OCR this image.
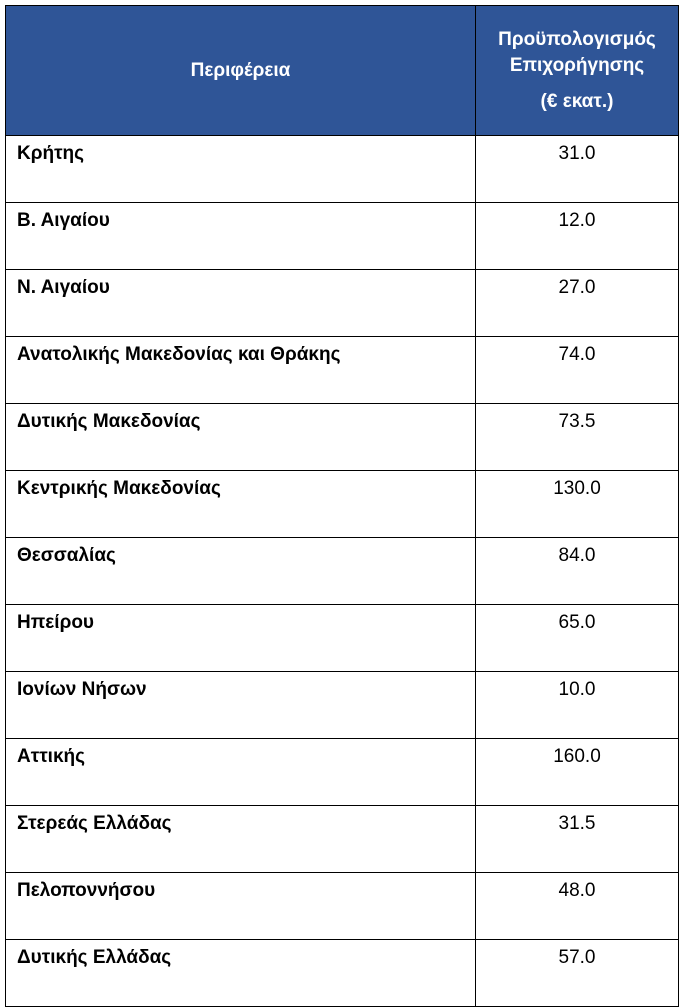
Περιφέρεια	Προϋπολογισμός
Επιχορήγησης
(€ εκατ.)

Κρήτης	31.0
Β. Αιγαίου	12.0
Ν. Αιγαίου	27.0
Ανατολικής Μακεδονίας και Θράκης	74.0
Δυτικής Μακεδονίας	73.5
Κεντρικής Μακεδονίας	130.0
Θεσσαλίας	84.0
Ηπείρου	65.0
Ιονίων Νήσων	10.0
Αττικής	160.0
Στερεάς Ελλάδας	31.5
Πελοποννήσου	48.0
Δυτικής Ελλάδας	57.0
